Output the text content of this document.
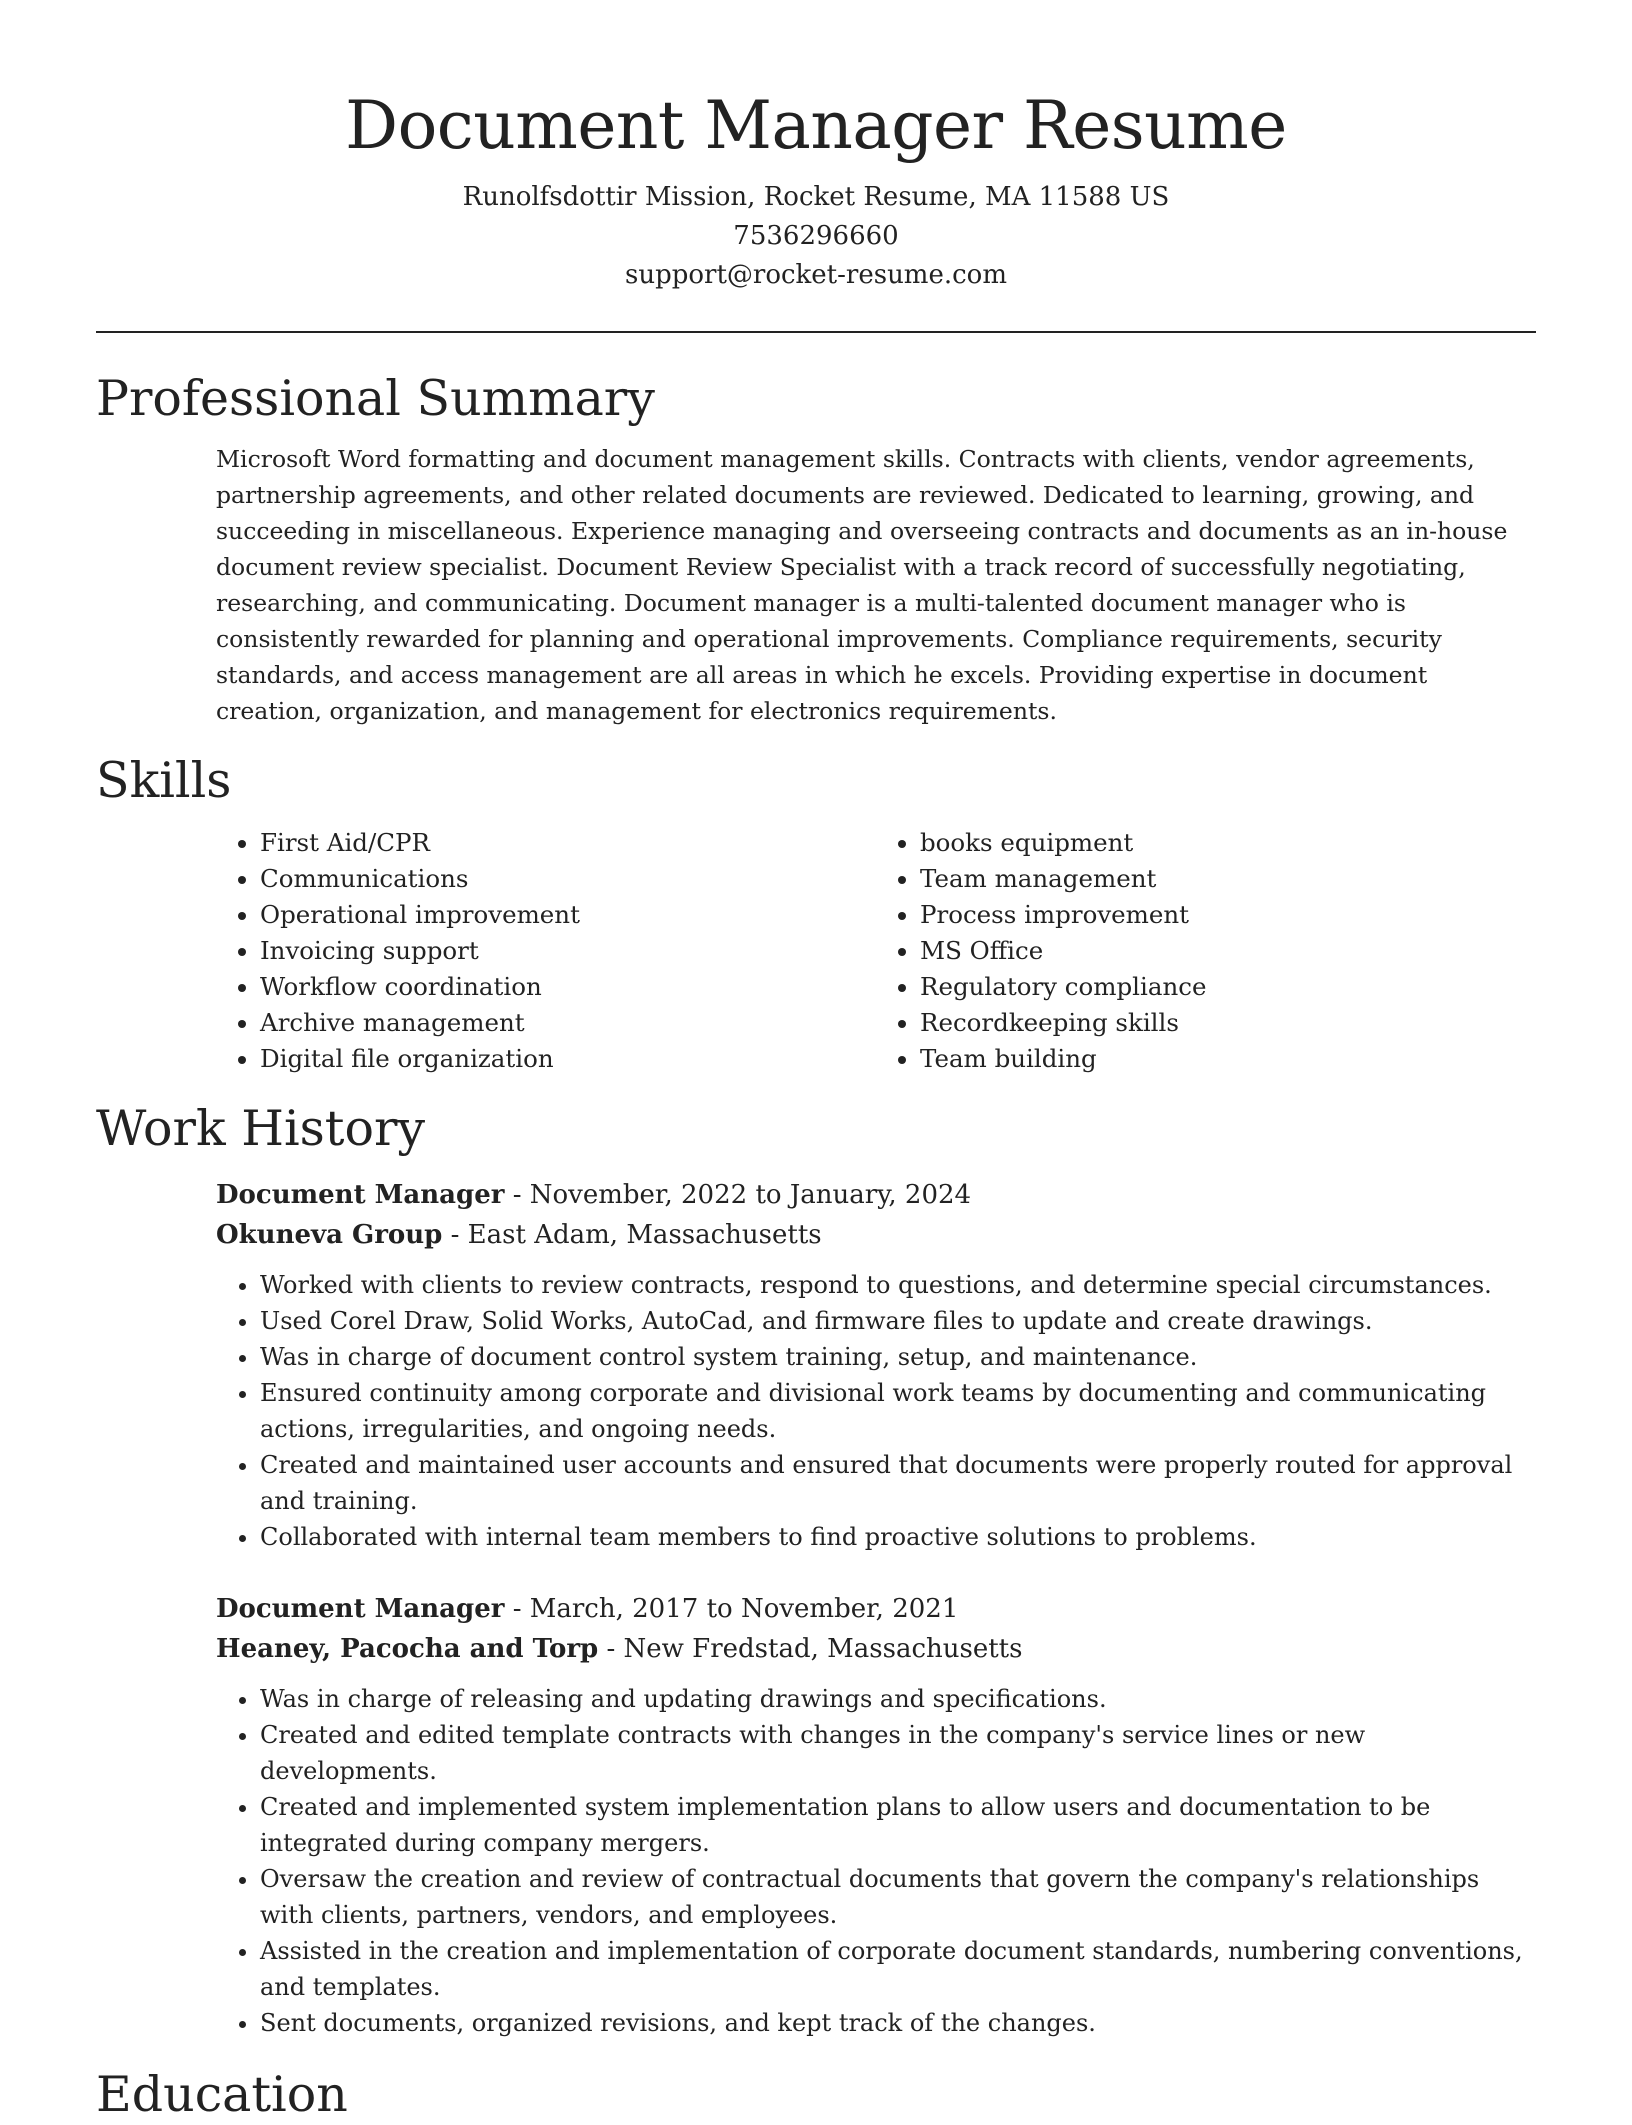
Document Manager Resume
Runolfsdottir Mission, Rocket Resume, MA 11588 US
7536296660
support@rocket-resume.com
Professional Summary
Microsoft Word formatting and document management skills. Contracts with clients, vendor agreements, partnership agreements, and other related documents are reviewed. Dedicated to learning, growing, and succeeding in miscellaneous. Experience managing and overseeing contracts and documents as an in-house document review specialist. Document Review Specialist with a track record of successfully negotiating, researching, and communicating. Document manager is a multi-talented document manager who is consistently rewarded for planning and operational improvements. Compliance requirements, security standards, and access management are all areas in which he excels. Providing expertise in document creation, organization, and management for electronics requirements.
Skills
• First Aid/CPR
• Communications
• Operational improvement
• Invoicing support
• Workflow coordination
• Archive management
• Digital file organization
• books equipment
• Team management
• Process improvement
• MS Office
• Regulatory compliance
• Recordkeeping skills
• Team building
Work History
Document Manager - November, 2022 to January, 2024
Okuneva Group - East Adam, Massachusetts
• Worked with clients to review contracts, respond to questions, and determine special circumstances.
• Used Corel Draw, Solid Works, AutoCad, and firmware files to update and create drawings.
• Was in charge of document control system training, setup, and maintenance.
• Ensured continuity among corporate and divisional work teams by documenting and communicating actions, irregularities, and ongoing needs.
• Created and maintained user accounts and ensured that documents were properly routed for approval and training.
• Collaborated with internal team members to find proactive solutions to problems.
Document Manager - March, 2017 to November, 2021
Heaney, Pacocha and Torp - New Fredstad, Massachusetts
• Was in charge of releasing and updating drawings and specifications.
• Created and edited template contracts with changes in the company's service lines or new developments.
• Created and implemented system implementation plans to allow users and documentation to be integrated during company mergers.
• Oversaw the creation and review of contractual documents that govern the company's relationships with clients, partners, vendors, and employees.
• Assisted in the creation and implementation of corporate document standards, numbering conventions, and templates.
• Sent documents, organized revisions, and kept track of the changes.
Education
